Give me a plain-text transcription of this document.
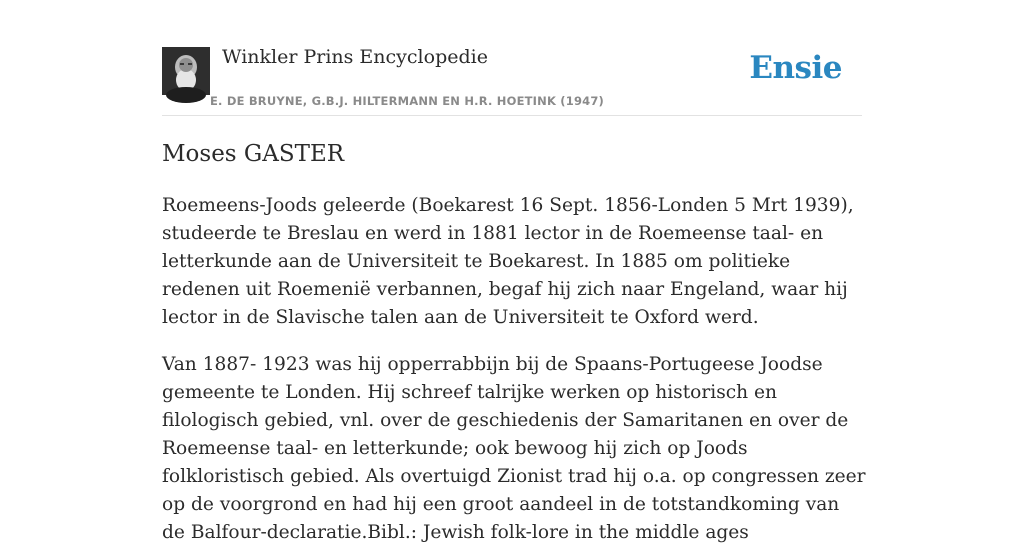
Winkler Prins Encyclopedie
E. DE BRUYNE, G.B.J. HILTERMANN EN H.R. HOETINK (1947)
Ensie
Moses GASTER

Roemeens-Joods geleerde (Boekarest 16 Sept. 1856-Londen 5 Mrt 1939), studeerde te Breslau en werd in 1881 lector in de Roemeense taal- en letterkunde aan de Universiteit te Boekarest. In 1885 om politieke redenen uit Roemenië verbannen, begaf hij zich naar Engeland, waar hij lector in de Slavische talen aan de Universiteit te Oxford werd.

Van 1887- 1923 was hij opperrabbijn bij de Spaans-Portugeese Joodse gemeente te Londen. Hij schreef talrijke werken op historisch en filologisch gebied, vnl. over de geschiedenis der Samaritanen en over de Roemeense taal- en letterkunde; ook bewoog hij zich op Joods folkloristisch gebied. Als overtuigd Zionist trad hij o.a. op congressen zeer op de voorgrond en had hij een groot aandeel in de totstandkoming van de Balfour-declaratie.Bibl.: Jewish folk-lore in the middle ages
